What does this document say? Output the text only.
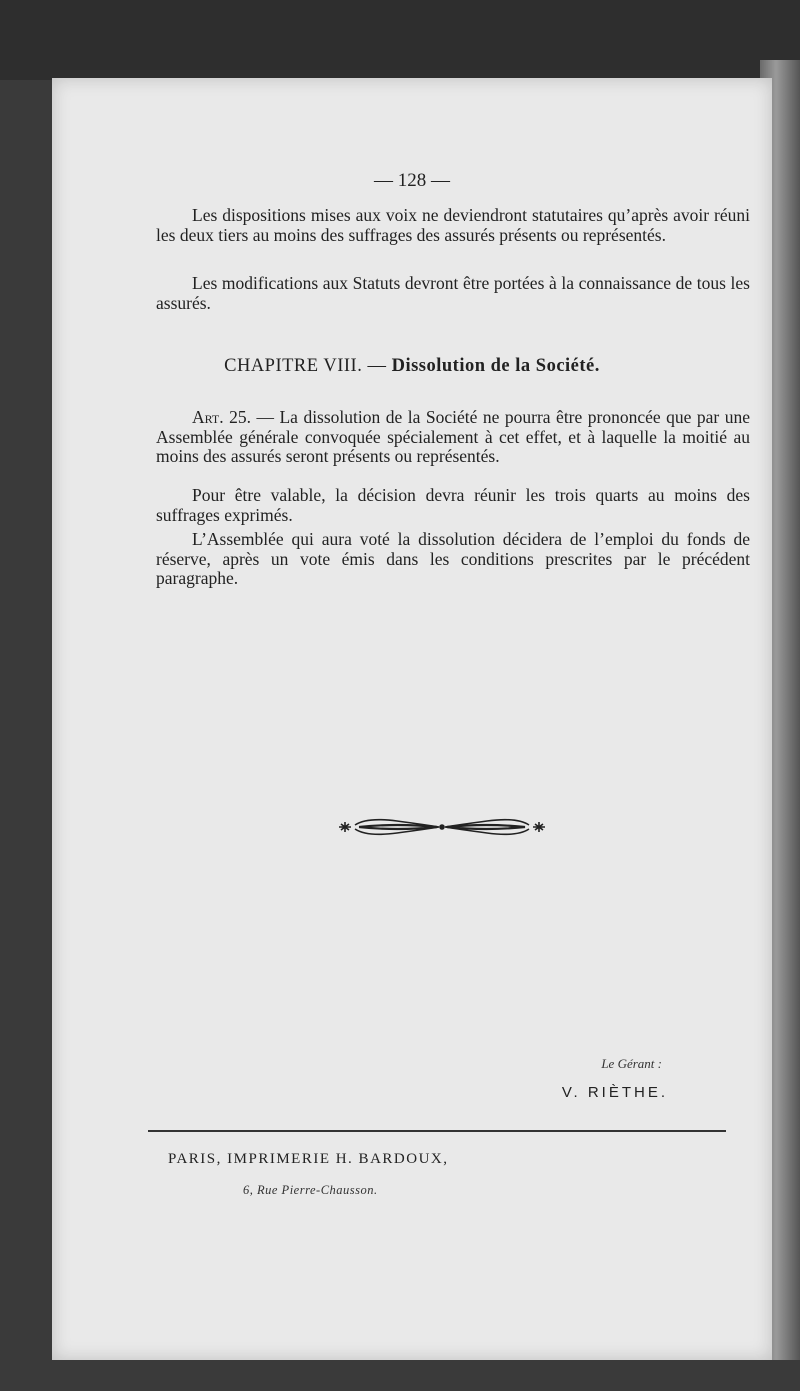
— 128 —
Les dispositions mises aux voix ne deviendront statutaires qu’après avoir réuni les deux tiers au moins des suffrages des assurés présents ou représentés.
Les modifications aux Statuts devront être portées à la connaissance de tous les assurés.
CHAPITRE VIII. — Dissolution de la Société.
Art. 25. — La dissolution de la Société ne pourra être prononcée que par une Assemblée générale convoquée spécialement à cet effet, et à laquelle la moitié au moins des assurés seront présents ou représentés.
Pour être valable, la décision devra réunir les trois quarts au moins des suffrages exprimés.
L’Assemblée qui aura voté la dissolution décidera de l’emploi du fonds de réserve, après un vote émis dans les conditions prescrites par le précédent paragraphe.
Le Gérant :
V. RIÈTHE.
PARIS, IMPRIMERIE H. BARDOUX,
6, Rue Pierre-Chausson.
